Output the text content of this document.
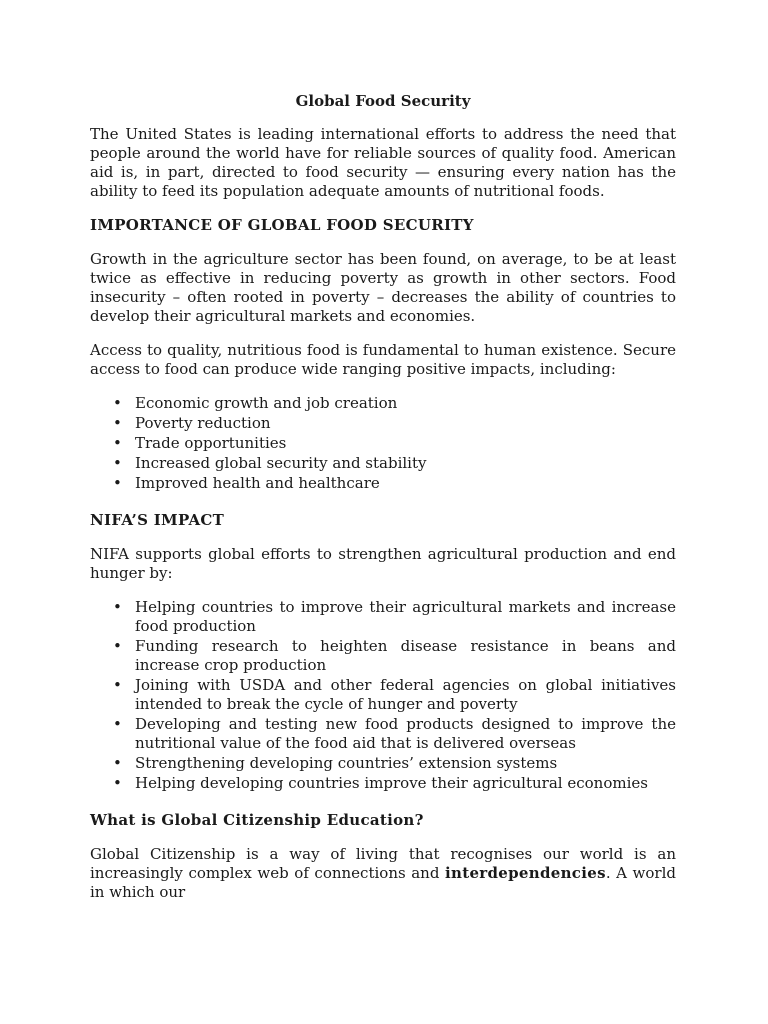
Global Food Security

The United States is leading international efforts to address the need that people around the world have for reliable sources of quality food. American aid is, in part, directed to food security — ensuring every nation has the ability to feed its population adequate amounts of nutritional foods.

IMPORTANCE OF GLOBAL FOOD SECURITY

Growth in the agriculture sector has been found, on average, to be at least twice as effective in reducing poverty as growth in other sectors. Food insecurity – often rooted in poverty – decreases the ability of countries to develop their agricultural markets and economies.

Access to quality, nutritious food is fundamental to human existence. Secure access to food can produce wide ranging positive impacts, including:

• Economic growth and job creation
• Poverty reduction
• Trade opportunities
• Increased global security and stability
• Improved health and healthcare
NIFA’S IMPACT

NIFA supports global efforts to strengthen agricultural production and end hunger by:

• Helping countries to improve their agricultural markets and increase food production
• Funding research to heighten disease resistance in beans and increase crop production
• Joining with USDA and other federal agencies on global initiatives intended to break the cycle of hunger and poverty
• Developing and testing new food products designed to improve the nutritional value of the food aid that is delivered overseas
• Strengthening developing countries’ extension systems
• Helping developing countries improve their agricultural economies
What is Global Citizenship Education?

Global Citizenship is a way of living that recognises our world is an increasingly complex web of connections and interdependencies. A world in which our
